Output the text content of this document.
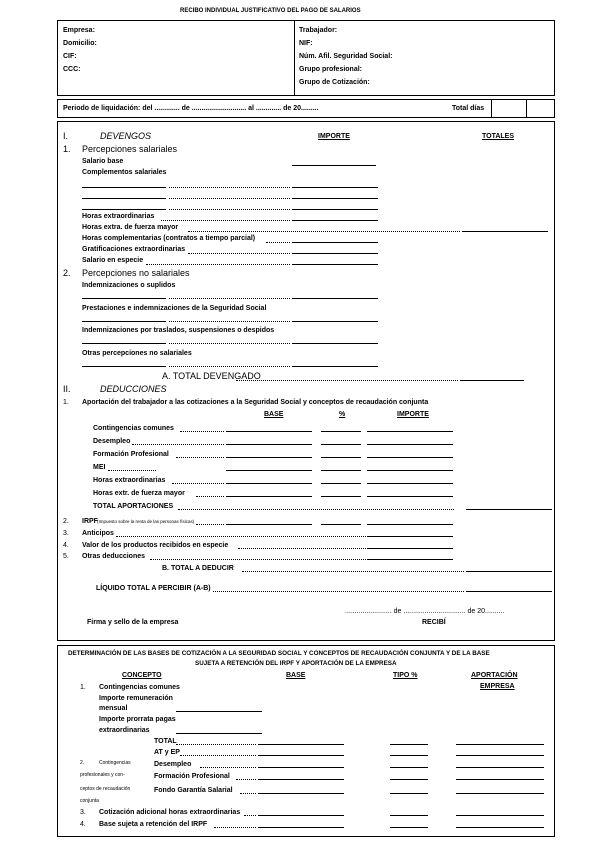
RECIBO INDIVIDUAL JUSTIFICATIVO DEL PAGO DE SALARIOS
Empresa:
Domicilio:
CIF:
CCC:
Trabajador:
NIF:
Núm. Afil. Seguridad Social:
Grupo profesional:
Grupo de Cotización:
Periodo de liquidación: del ............. de ............................ al ............. de 20.........	Total días
I.	DEVENGOS	IMPORTE	TOTALES
1. Percepciones salariales
Salario base
Complementos salariales
Horas extraordinarias
Horas extra. de fuerza mayor
Horas complementarias (contratos a tiempo parcial)
Gratificaciones extraordinarias
Salario en especie
2. Percepciones no salariales
Indemnizaciones o suplidos
Prestaciones e indemnizaciones de la Seguridad Social
Indemnizaciones por traslados, suspensiones o despidos
Otras percepciones no salariales
A. TOTAL DEVENGADO
II.	DEDUCCIONES
1. Aportación del trabajador a las cotizaciones a la Seguridad Social y conceptos de recaudación conjunta
BASE	%	IMPORTE
Contingencias comunes
Desempleo
Formación Profesional
MEI
Horas extraordinarias
Horas extr. de fuerza mayor
TOTAL APORTACIONES
2. IRPF (Impuesto sobre la renta de las personas físicas)
3. Anticipos
4. Valor de los productos recibidos en especie
5. Otras deducciones
B. TOTAL A DEDUCIR
LÍQUIDO TOTAL A PERCIBIR (A-B)
........................ de ................................ de 20..........
Firma y sello de la empresa	RECIBÍ
DETERMINACIÓN DE LAS BASES DE COTIZACIÓN A LA SEGURIDAD SOCIAL Y CONCEPTOS DE RECAUDACIÓN CONJUNTA Y DE LA BASE
SUJETA A RETENCIÓN DEL IRPF Y APORTACIÓN DE LA EMPRESA
CONCEPTO	BASE	TIPO %	APORTACIÓN
EMPRESA
1. Contingencias comunes
Importe remuneración
mensual
Importe prorrata pagas
extraordinarias
TOTAL
AT y EP
2.	Contingencias
profesionales y con-
ceptos de recaudación
conjunta
Desempleo
Formación Profesional
Fondo Garantía Salarial
3. Cotización adicional horas extraordinarias
4. Base sujeta a retención del IRPF
